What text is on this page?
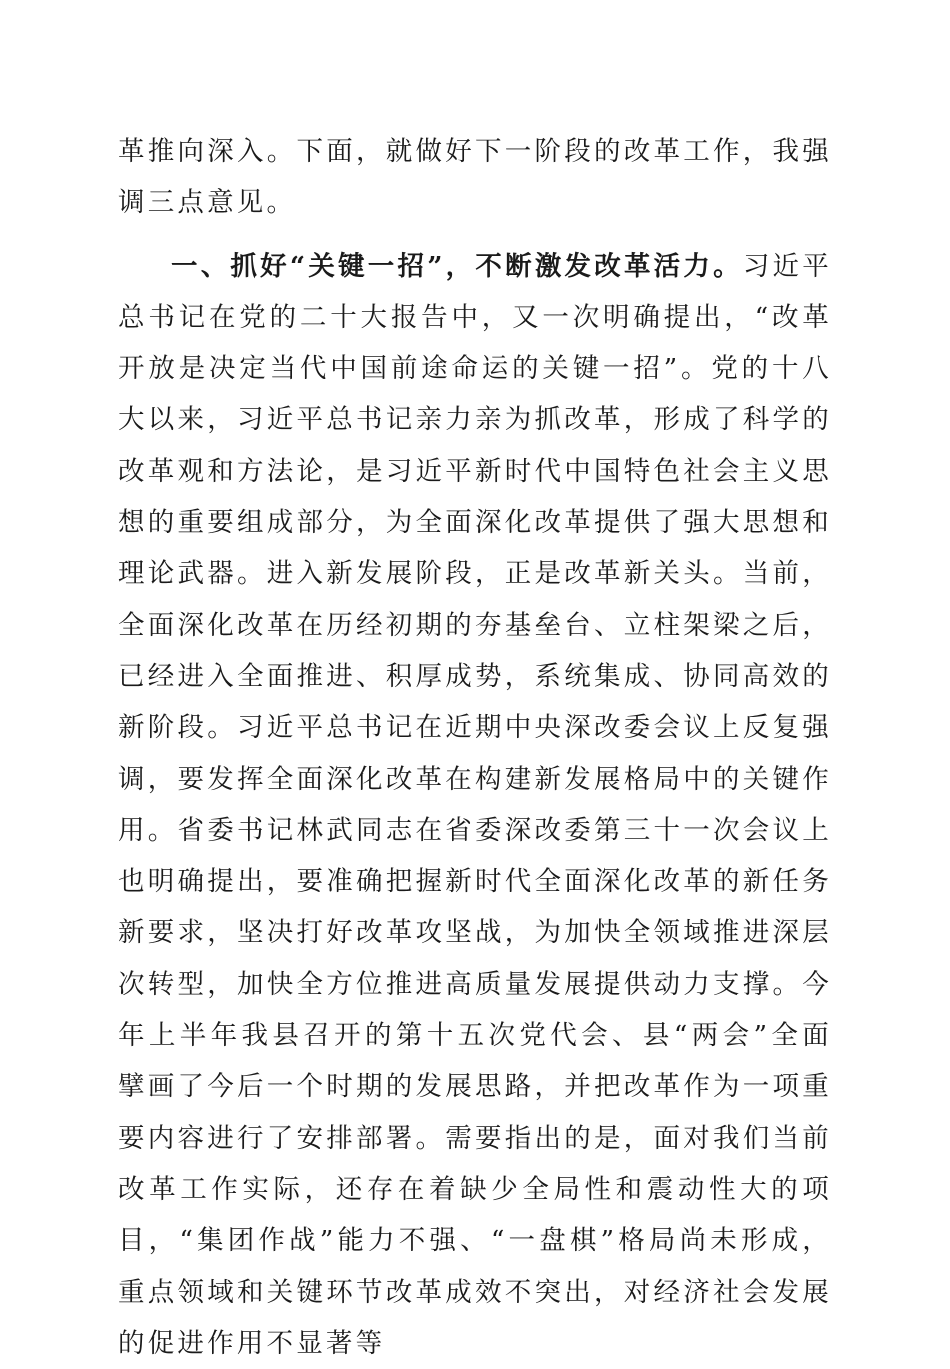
革推向深入。下面，就做好下一阶段的改革工作，我强调三点意见。

一、抓好“关键一招”，不断激发改革活力。习近平总书记在党的二十大报告中，又一次明确提出，“改革开放是决定当代中国前途命运的关键一招”。党的十八大以来，习近平总书记亲力亲为抓改革，形成了科学的改革观和方法论，是习近平新时代中国特色社会主义思想的重要组成部分，为全面深化改革提供了强大思想和理论武器。进入新发展阶段，正是改革新关头。当前，全面深化改革在历经初期的夯基垒台、立柱架梁之后，已经进入全面推进、积厚成势，系统集成、协同高效的新阶段。习近平总书记在近期中央深改委会议上反复强调，要发挥全面深化改革在构建新发展格局中的关键作用。省委书记林武同志在省委深改委第三十一次会议上也明确提出，要准确把握新时代全面深化改革的新任务新要求，坚决打好改革攻坚战，为加快全领域推进深层次转型，加快全方位推进高质量发展提供动力支撑。今年上半年我县召开的第十五次党代会、县“两会”全面擘画了今后一个时期的发展思路，并把改革作为一项重要内容进行了安排部署。需要指出的是，面对我们当前改革工作实际，还存在着缺少全局性和震动性大的项目，“集团作战”能力不强、“一盘棋”格局尚未形成，重点领域和关键环节改革成效不突出，对经济社会发展的促进作用不显著等
